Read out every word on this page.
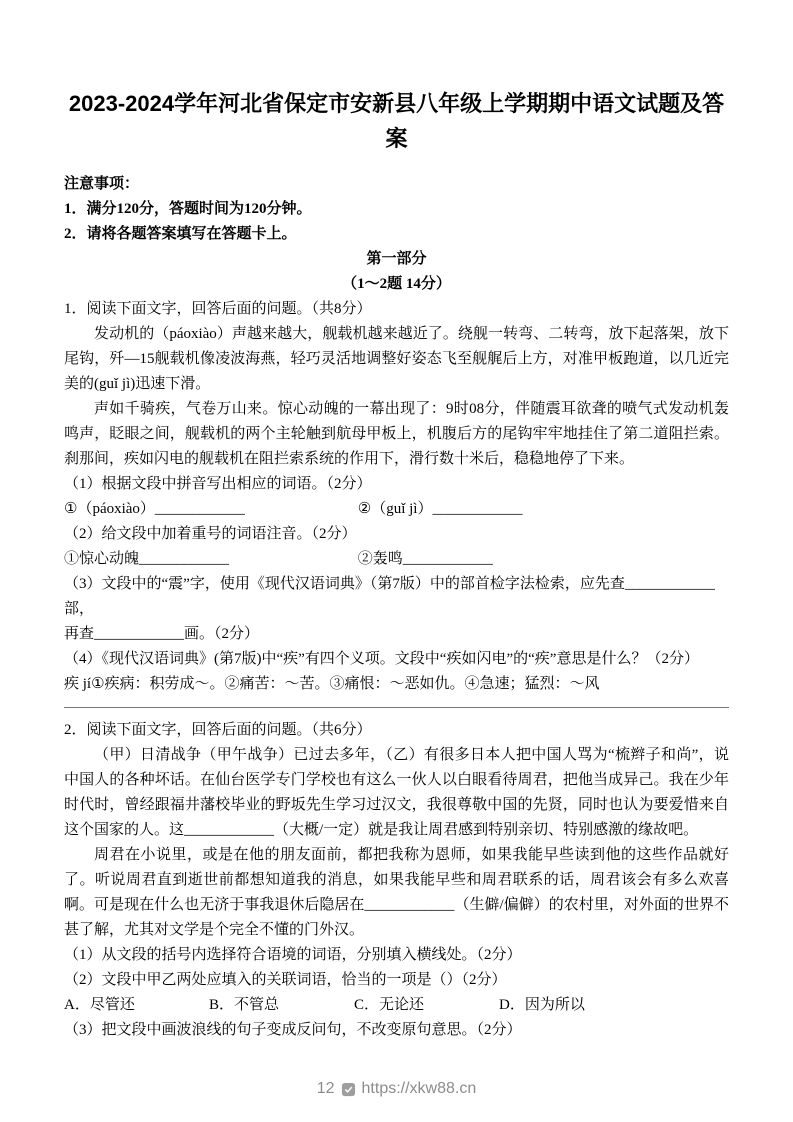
2023-2024学年河北省保定市安新县八年级上学期期中语文试题及答
案
注意事项：
1．满分120分，答题时间为120分钟。
2．请将各题答案填写在答题卡上。
第一部分
（1～2题 14分）
1．阅读下面文字，回答后面的问题。（共8分）

发动机的（páoxiào）声越来越大，舰载机越来越近了。绕舰一转弯、二转弯，放下起落架，放下尾钩，歼—15舰载机像凌波海燕，轻巧灵活地调整好姿态飞至舰艉后上方，对准甲板跑道，以几近完美的(guǐ jì)迅速下滑。

声如千骑疾，气卷万山来。惊心动魄的一幕出现了：9时08分，伴随震耳欲聋的喷气式发动机轰鸣声，眨眼之间，舰载机的两个主轮触到航母甲板上，机腹后方的尾钩牢牢地挂住了第二道阻拦索。刹那间，疾如闪电的舰载机在阻拦索系统的作用下，滑行数十米后，稳稳地停了下来。

（1）根据文段中拼音写出相应的词语。（2分）
①（páoxiào）____________	②（guǐ jì）____________
（2）给文段中加着重号的词语注音。（2分）
①惊心动魄____________	②轰鸣____________
（3）文段中的“震”字，使用《现代汉语词典》（第7版）中的部首检字法检索，应先查____________部，
再查____________画。（2分）
（4）《现代汉语词典》(第7版)中“疾”有四个义项。文段中“疾如闪电”的“疾”意思是什么？（2分）
疾 jí①疾病：积劳成～。②痛苦：～苦。③痛恨：～恶如仇。④急速；猛烈：～风
2．阅读下面文字，回答后面的问题。（共6分）

（甲）日清战争（甲午战争）已过去多年，（乙）有很多日本人把中国人骂为“梳辫子和尚”，说中国人的各种坏话。在仙台医学专门学校也有这么一伙人以白眼看待周君，把他当成异己。我在少年时代时，曾经跟福井藩校毕业的野坂先生学习过汉文，我很尊敬中国的先贤，同时也认为要爱惜来自这个国家的人。这____________（大概/一定）就是我让周君感到特别亲切、特别感激的缘故吧。

周君在小说里，或是在他的朋友面前，都把我称为恩师，如果我能早些读到他的这些作品就好了。听说周君直到逝世前都想知道我的消息，如果我能早些和周君联系的话，周君该会有多么欢喜啊。可是现在什么也无济于事我退休后隐居在____________（生僻/偏僻）的农村里，对外面的世界不甚了解，尤其对文学是个完全不懂的门外汉。

（1）从文段的括号内选择符合语境的词语，分别填入横线处。（2分）
（2）文段中甲乙两处应填入的关联词语，恰当的一项是（）（2分）
A．尽管还	B．不管总	C．无论还	D．因为所以
（3）把文段中画波浪线的句子变成反问句，不改变原句意思。（2分）
12 https://xkw88.cn
